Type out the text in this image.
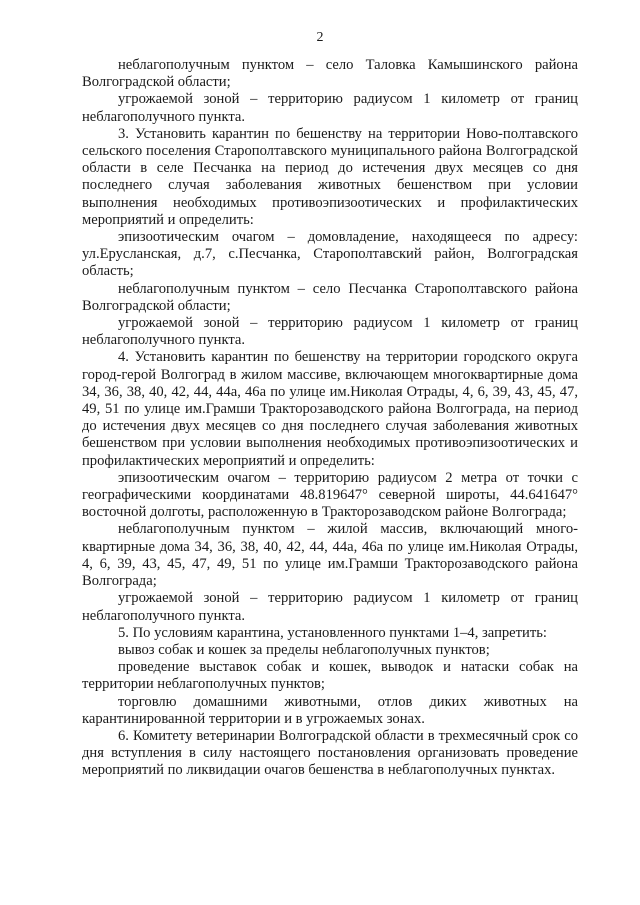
2

неблагополучным пунктом – село Таловка Камышинского района Волгоградской области;

угрожаемой зоной – территорию радиусом 1 километр от границ неблагополучного пункта.

3. Установить карантин по бешенству на территории Ново-полтавского сельского поселения Старополтавского муниципального района Волгоградской области в селе Песчанка на период до истечения двух месяцев со дня последнего случая заболевания животных бешенством при условии выполнения необходимых противоэпизоотических и профилактических мероприятий и определить:

эпизоотическим очагом – домовладение, находящееся по адресу: ул.Еруcланская, д.7, с.Песчанка, Старополтавский район, Волгоградская область;

неблагополучным пунктом – село Песчанка Старополтавского района Волгоградской области;

угрожаемой зоной – территорию радиусом 1 километр от границ неблагополучного пункта.

4. Установить карантин по бешенству на территории городского округа город-герой Волгоград в жилом массиве, включающем многоквартирные дома 34, 36, 38, 40, 42, 44, 44а, 46а по улице им.Николая Отрады, 4, 6, 39, 43, 45, 47, 49, 51 по улице им.Грамши Тракторозаводского района Волгограда, на период до истечения двух месяцев со дня последнего случая заболевания животных бешенством при условии выполнения необходимых противоэпизоотических и профилактических мероприятий и определить:

эпизоотическим очагом – территорию радиусом 2 метра от точки с географическими координатами 48.819647° северной широты, 44.641647° восточной долготы, расположенную в Тракторозаводском районе Волгограда;

неблагополучным пунктом – жилой массив, включающий много-квартирные дома 34, 36, 38, 40, 42, 44, 44а, 46а по улице им.Николая Отрады, 4, 6, 39, 43, 45, 47, 49, 51 по улице им.Грамши Тракторозаводского района Волгограда;

угрожаемой зоной – территорию радиусом 1 километр от границ неблагополучного пункта.

5. По условиям карантина, установленного пунктами 1–4, запретить:

вывоз собак и кошек за пределы неблагополучных пунктов;

проведение выставок собак и кошек, выводок и натаски собак на территории неблагополучных пунктов;

торговлю домашними животными, отлов диких животных на карантинированной территории и в угрожаемых зонах.

6. Комитету ветеринарии Волгоградской области в трехмесячный срок со дня вступления в силу настоящего постановления организовать проведение мероприятий по ликвидации очагов бешенства в неблагополучных пунктах.
